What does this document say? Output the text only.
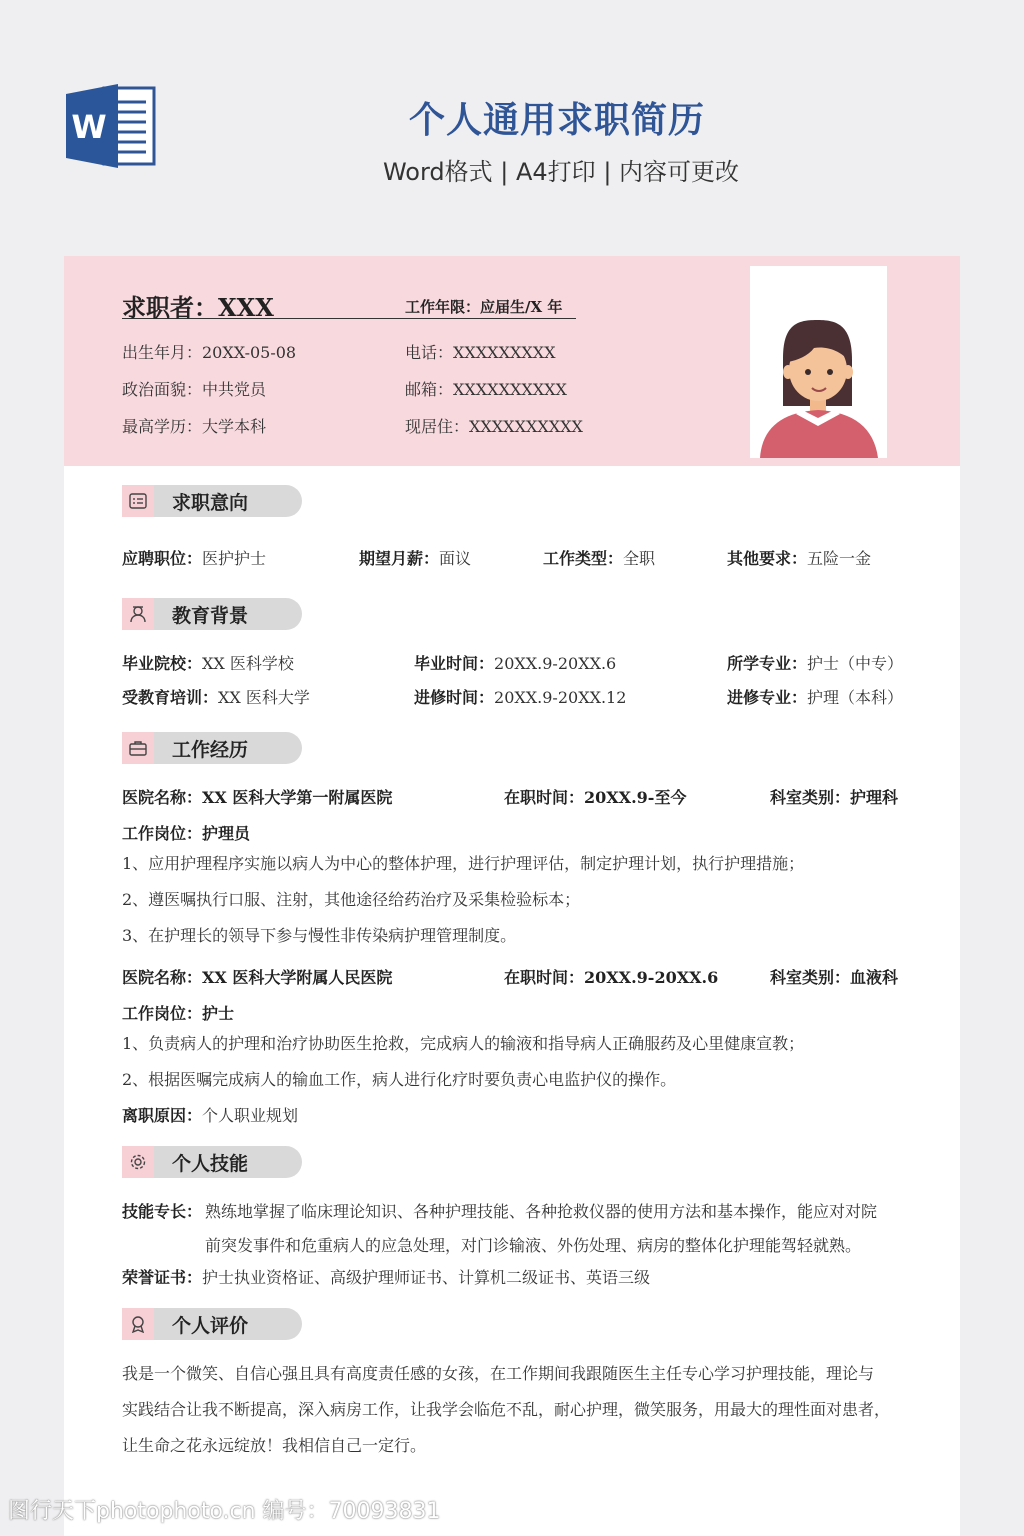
W	个人通用求职简历
Word格式 | A4打印 | 内容可更改
求职者：XXX	工作年限：应届生/X 年
出生年月：20XX-05-08	电话：XXXXXXXXX
政治面貌：中共党员	邮箱：XXXXXXXXXX
最高学历：大学本科	现居住：XXXXXXXXXX
求职意向
应聘职位：医护护士	期望月薪：面议	工作类型：全职	其他要求：五险一金
教育背景
毕业院校：XX 医科学校	毕业时间：20XX.9-20XX.6	所学专业：护士（中专）
受教育培训：XX 医科大学	进修时间：20XX.9-20XX.12	进修专业：护理（本科）
工作经历
医院名称：XX 医科大学第一附属医院	在职时间：20XX.9-至今	科室类别：护理科
工作岗位：护理员
1、应用护理程序实施以病人为中心的整体护理，进行护理评估，制定护理计划，执行护理措施；
2、遵医嘱执行口服、注射，其他途径给药治疗及采集检验标本；
3、在护理长的领导下参与慢性非传染病护理管理制度。
医院名称：XX 医科大学附属人民医院	在职时间：20XX.9-20XX.6	科室类别：血液科
工作岗位：护士
1、负责病人的护理和治疗协助医生抢救，完成病人的输液和指导病人正确服药及心里健康宣教；
2、根据医嘱完成病人的输血工作，病人进行化疗时要负责心电监护仪的操作。
离职原因：个人职业规划
个人技能
技能专长： 熟练地掌握了临床理论知识、各种护理技能、各种抢救仪器的使用方法和基本操作，能应对对院
前突发事件和危重病人的应急处理，对门诊输液、外伤处理、病房的整体化护理能驾轻就熟。
荣誉证书：护士执业资格证、高级护理师证书、计算机二级证书、英语三级
个人评价
我是一个微笑、自信心强且具有高度责任感的女孩，在工作期间我跟随医生主任专心学习护理技能，理论与
实践结合让我不断提高，深入病房工作，让我学会临危不乱，耐心护理，微笑服务，用最大的理性面对患者，
让生命之花永远绽放！我相信自己一定行。
图行天下photophoto.cn 编号：70093831
